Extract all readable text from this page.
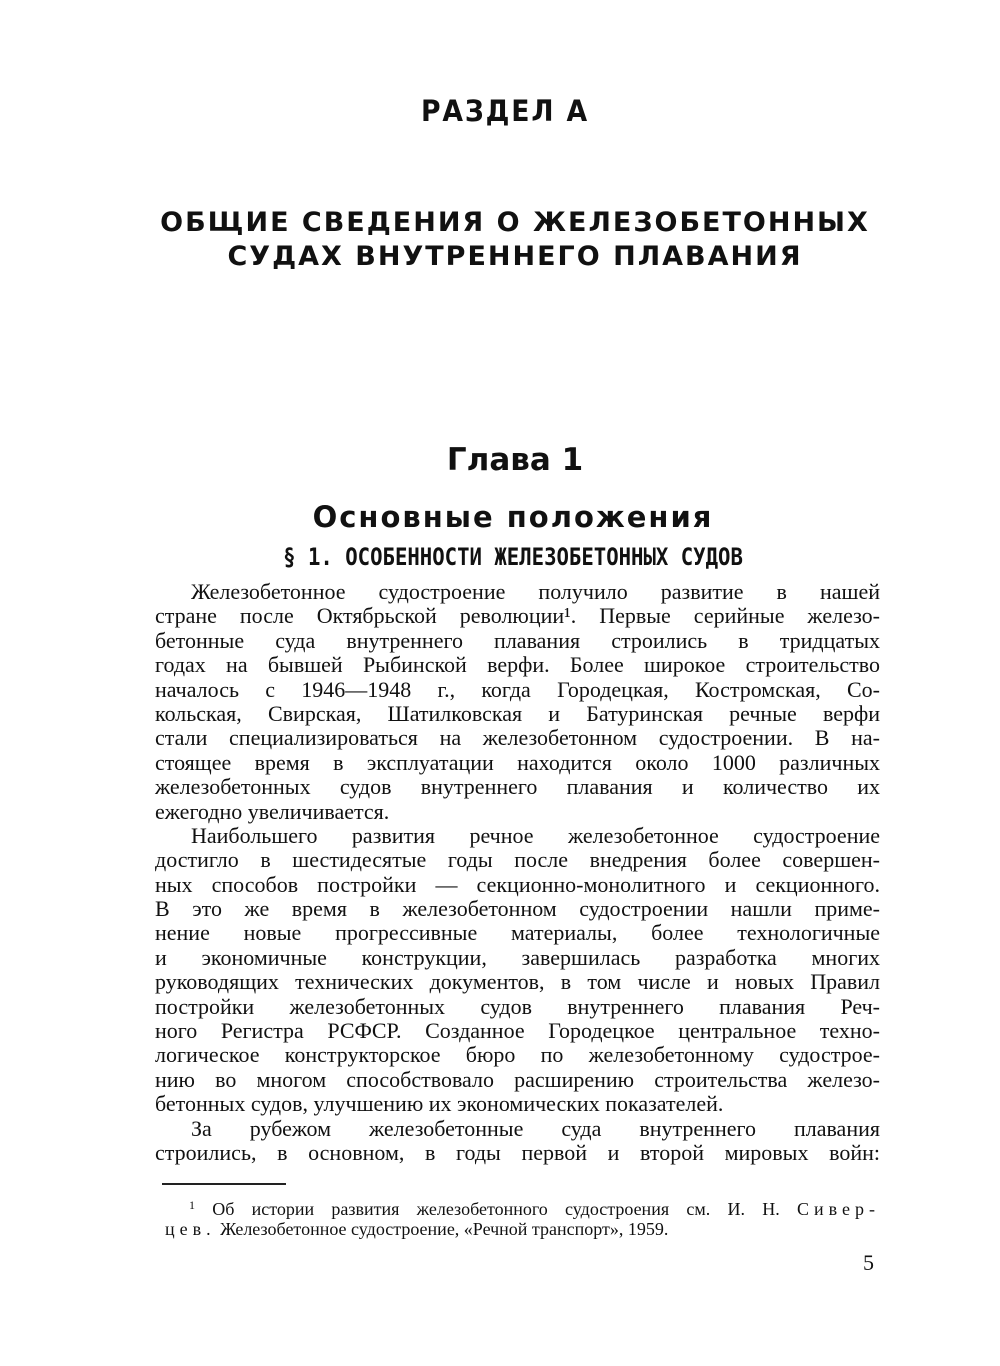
РАЗДЕЛ А
ОБЩИЕ СВЕДЕНИЯ О ЖЕЛЕЗОБЕТОННЫХ
СУДАХ ВНУТРЕННЕГО ПЛАВАНИЯ
Глава 1
Основные положения
§ 1. ОСОБЕННОСТИ ЖЕЛЕЗОБЕТОННЫХ СУДОВ
Железобетонное судостроение получило развитие в нашей
стране после Октябрьской революции¹. Первые серийные железо-
бетонные суда внутреннего плавания строились в тридцатых
годах на бывшей Рыбинской верфи. Более широкое строительство
началось с 1946—1948 г., когда Городецкая, Костромская, Со-
кольская, Свирская, Шатилковская и Батуринская речные верфи
стали специализироваться на железобетонном судостроении. В на-
стоящее время в эксплуатации находится около 1000 различных
железобетонных судов внутреннего плавания и количество их
ежегодно увеличивается.
Наибольшего развития речное железобетонное судостроение
достигло в шестидесятые годы после внедрения более совершен-
ных способов постройки — секционно-монолитного и секционного.
В это же время в железобетонном судостроении нашли приме-
нение новые прогрессивные материалы, более технологичные
и экономичные конструкции, завершилась разработка многих
руководящих технических документов, в том числе и новых Правил
постройки железобетонных судов внутреннего плавания Реч-
ного Регистра РСФСР. Созданное Городецкое центральное техно-
логическое конструкторское бюро по железобетонному судострое-
нию во многом способствовало расширению строительства железо-
бетонных судов, улучшению их экономических показателей.
За рубежом железобетонные суда внутреннего плавания
строились, в основном, в годы первой и второй мировых войн:
$^1$ Об истории развития железобетонного судостроения см. И. Н. Сивер-
цев. Железобетонное судостроение, «Речной транспорт», 1959.
5
